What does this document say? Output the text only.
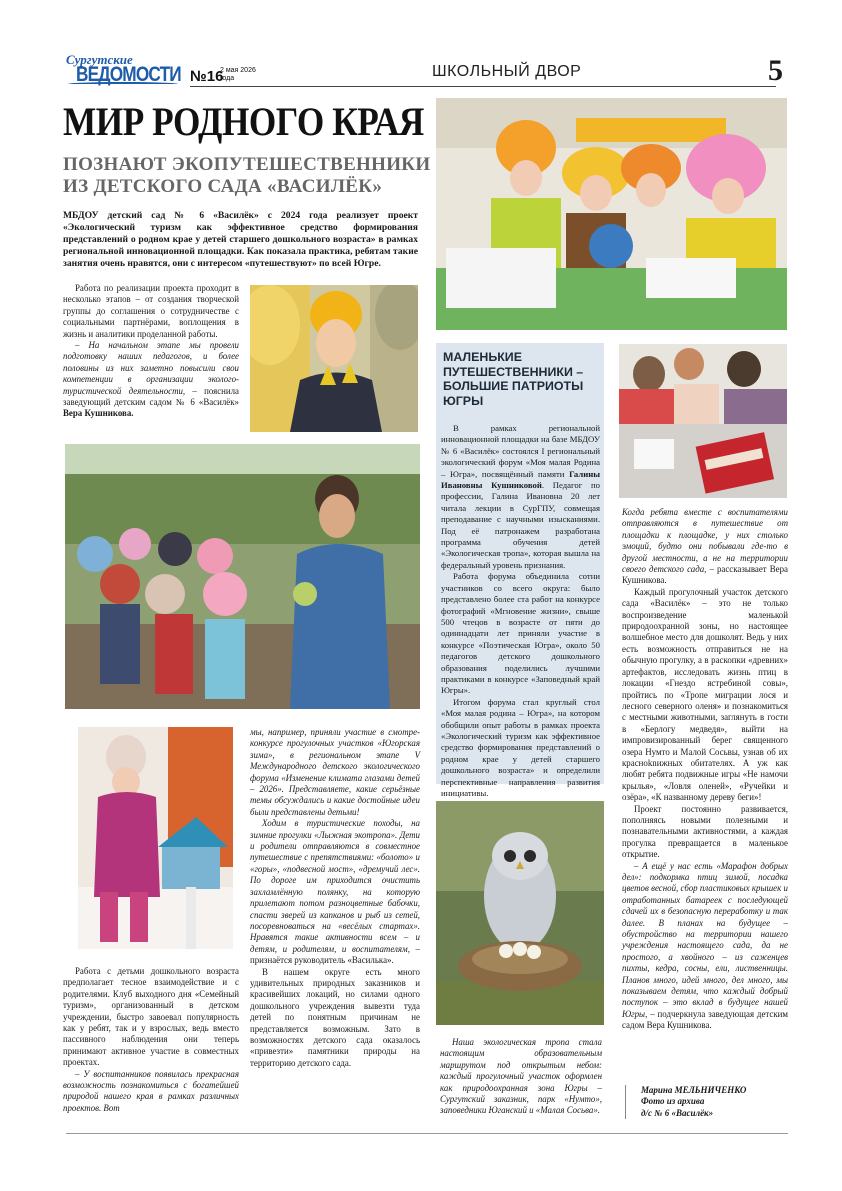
Сургутские
ВЕДОМОСТИ №16
2 мая 2026 года	ШКОЛЬНЫЙ ДВОР	5
МИР РОДНОГО КРАЯ
ПОЗНАЮТ ЭКОПУТЕШЕСТВЕННИКИ ИЗ ДЕТСКОГО САДА «ВАСИЛЁК»
МБДОУ детский сад № 6 «Василёк» с 2024 года реализует проект «Экологический туризм как эффективное средство формирования представлений о родном крае у детей старшего дошкольного возраста» в рамках региональной инновационной площадки. Как показала практика, ребятам такие занятия очень нравятся, они с интересом «путешествуют» по всей Югре.

Работа по реализации проекта проходит в несколько этапов – от создания творческой группы до соглашения о сотрудничестве с социальными партнёрами, воплощения в жизнь и аналитики проделанной работы.

– На начальном этапе мы провели подготовку наших педагогов, и более половины из них заметно повысили свои компетенции в организации эколого-туристической деятельности, – пояснила заведующий детским садом № 6 «Василёк» Вера Кушникова.

Работа с детьми дошкольного возраста предполагает тесное взаимодействие и с родителями. Клуб выходного дня «Семейный туризм», организованный в детском учреждении, быстро завоевал популярность как у ребят, так и у взрослых, ведь вместо пассивного наблюдения они теперь принимают активное участие в совместных проектах.

– У воспитанников появилась прекрасная возможность познакомиться с богатейшей природой нашего края в рамках различных проектов. Вот

мы, например, приняли участие в смотре-конкурсе прогулочных участков «Югорская зима», в региональном этапе V Международного детского экологического форума «Изменение климата глазами детей – 2026». Представляете, какие серьёзные темы обсуждались и какие достойные идеи были представлены детьми!

Ходим в туристические походы, на зимние прогулки «Лыжная экотропа». Дети и родители отправляются в совместное путешествие с препятствиями: «болото» и «горы», «подвесной мост», «дремучий лес». По дороге им приходится очистить захламлённую полянку, на которую прилетают потом разноцветные бабочки, спасти зверей из капканов и рыб из сетей, посоревноваться на «весёлых стартах». Нравятся такие активности всем – и детям, и родителям, и воспитателям, – признаётся руководитель «Василька».

В нашем округе есть много удивительных природных заказников и красивейших локаций, но силами одного дошкольного учреждения вывезти туда детей по понятным причинам не представляется возможным. Зато в возможностях детского сада оказалось «привезти» памятники природы на территорию детского сада.

МАЛЕНЬКИЕ ПУТЕШЕСТВЕННИКИ – БОЛЬШИЕ ПАТРИОТЫ ЮГРЫ

В рамках региональной инновационной площадки на базе МБДОУ № 6 «Василёк» состоялся I региональный экологический форум «Моя малая Родина – Югра», посвящённый памяти Галины Ивановны Кушниковой. Педагог по профессии, Галина Ивановна 20 лет читала лекции в СурГПУ, совмещая преподавание с научными изысканиями. Под её патронажем разработана программа обучения детей «Экологическая тропа», которая вышла на федеральный уровень признания.

Работа форума объединила сотни участников со всего округа: было представлено более ста работ на конкурсе фотографий «Мгновение жизни», свыше 500 чтецов в возрасте от пяти до одиннадцати лет приняли участие в конкурсе «Поэтическая Югра», около 50 педагогов детского дошкольного образования поделились лучшими практиками в конкурсе «Заповедный край Югры».

Итогом форума стал круглый стол «Моя малая родина – Югра», на котором обобщили опыт работы в рамках проекта «Экологический туризм как эффективное средство формирования представлений о родном крае у детей старшего дошкольного возраста» и определили перспективные направления развития инициативы.

Когда ребята вместе с воспитателями отправляются в путешествие от площадки к площадке, у них столько эмоций, будто они побывали где-то в другой местности, а не на территории своего детского сада, – рассказывает Вера Кушникова.

Каждый прогулочный участок детского сада «Василёк» – это не только воспроизведение маленькой природоохранной зоны, но настоящее волшебное место для дошколят. Ведь у них есть возможность отправиться не на обычную прогулку, а в раскопки «древних» артефактов, исследовать жизнь птиц в локации «Гнездо ястребиной совы», пройтись по «Тропе миграции лося и лесного северного оленя» и познакомиться с местными животными, заглянуть в гости в «Берлогу медведя», выйти на импровизированный берег священного озера Нумто и Малой Сосьвы, узнав об их красноknижных обитателях. А уж как любят ребята подвижные игры «Не намочи крылья», «Ловля оленей», «Ручейки и озёра», «К названному дереву беги»!

Проект постоянно развивается, пополняясь новыми полезными и познавательными активностями, а каждая прогулка превращается в маленькое открытие.

– А ещё у нас есть «Марафон добрых дел»: подкормка птиц зимой, посадка цветов весной, сбор пластиковых крышек и отработанных батареек с последующей сдачей их в безопасную переработку и так далее. В планах на будущее – обустройство на территории нашего учреждения настоящего сада, да не простого, а хвойного – из саженцев пихты, кедра, сосны, ели, лиственницы. Планов много, идей много, дел много, мы показываем детям, что каждый добрый поступок – это вклад в будущее нашей Югры, – подчеркнула заведующая детским садом Вера Кушникова.

Наша экологическая тропа стала настоящим образовательным маршрутом под открытым небом: каждый прогулочный участок оформлен как природоохранная зона Югры – Сургутский заказник, парк «Нумто», заповедники Юганский и «Малая Сосьва».
Марина МЕЛЬНИЧЕНКО
Фото из архива
д/с № 6 «Василёк»
